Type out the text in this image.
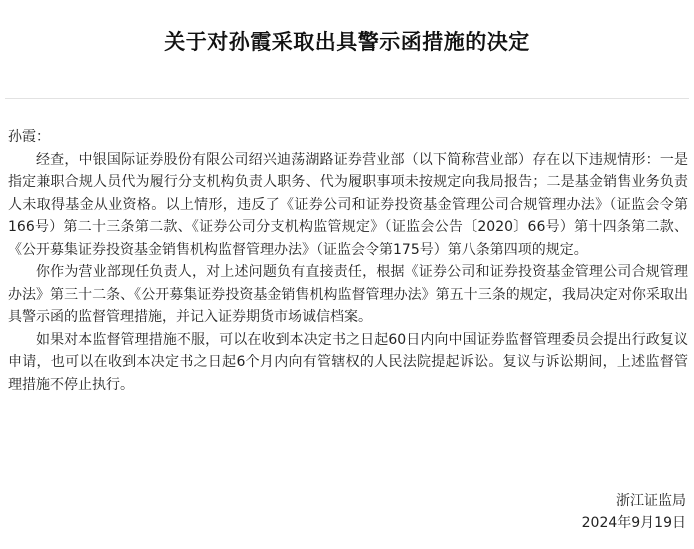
关于对孙霞采取出具警示函措施的决定

孙霞：

经查，中银国际证券股份有限公司绍兴迪荡湖路证券营业部（以下简称营业部）存在以下违规情形：一是指定兼职合规人员代为履行分支机构负责人职务、代为履职事项未按规定向我局报告；二是基金销售业务负责人未取得基金从业资格。以上情形，违反了《证券公司和证券投资基金管理公司合规管理办法》（证监会令第166号）第二十三条第二款、《证券公司分支机构监管规定》（证监会公告〔2020〕66号）第十四条第二款、《公开募集证券投资基金销售机构监督管理办法》（证监会令第175号）第八条第四项的规定。

你作为营业部现任负责人，对上述问题负有直接责任，根据《证券公司和证券投资基金管理公司合规管理办法》第三十二条、《公开募集证券投资基金销售机构监督管理办法》第五十三条的规定，我局决定对你采取出具警示函的监督管理措施，并记入证券期货市场诚信档案。

如果对本监督管理措施不服，可以在收到本决定书之日起60日内向中国证券监督管理委员会提出行政复议申请，也可以在收到本决定书之日起6个月内向有管辖权的人民法院提起诉讼。复议与诉讼期间，上述监督管理措施不停止执行。

浙江证监局
2024年9月19日
